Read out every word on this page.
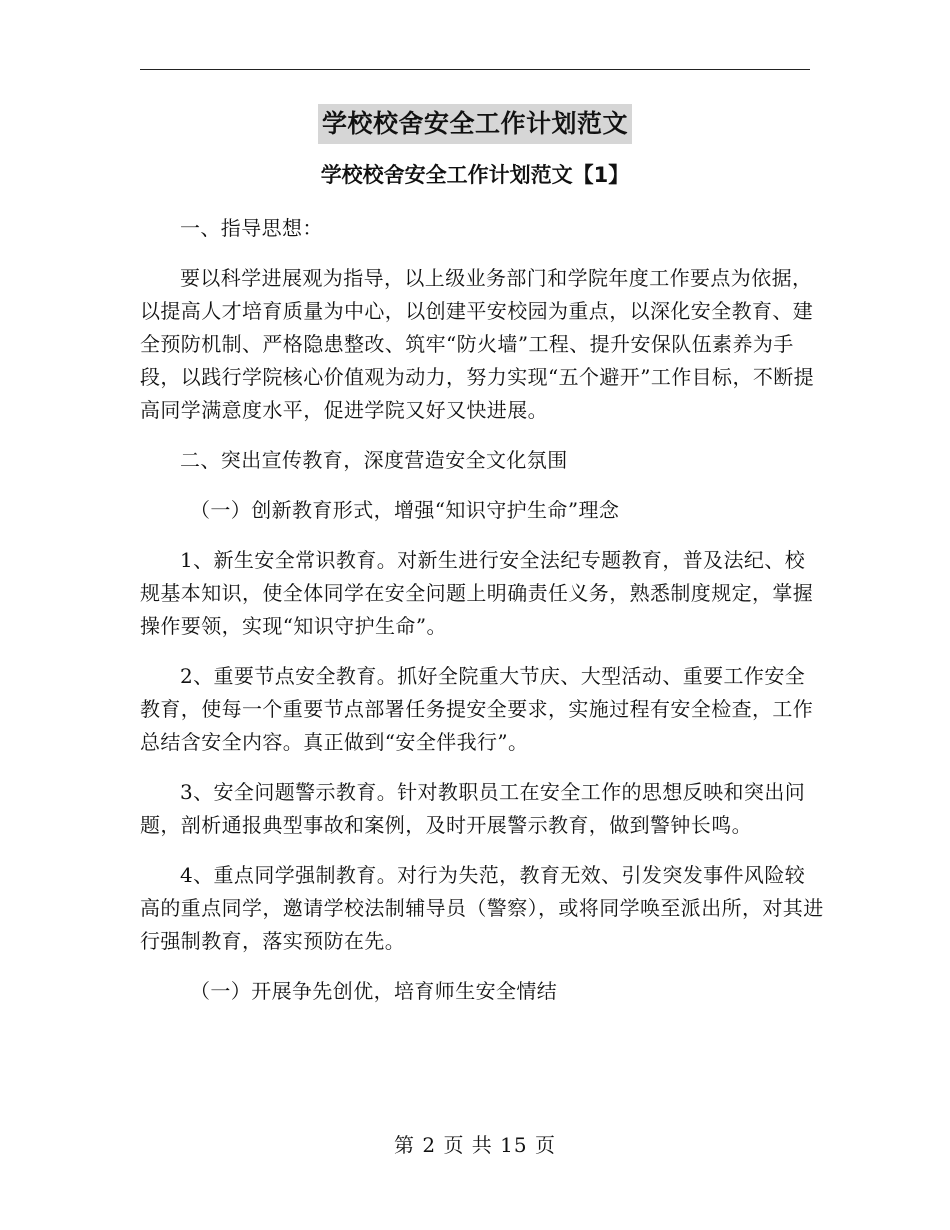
学校校舍安全工作计划范文
学校校舍安全工作计划范文【1】

一、指导思想：

要以科学进展观为指导，以上级业务部门和学院年度工作要点为依据，以提高人才培育质量为中心，以创建平安校园为重点，以深化安全教育、建全预防机制、严格隐患整改、筑牢“防火墙”工程、提升安保队伍素养为手段，以践行学院核心价值观为动力，努力实现“五个避开”工作目标，不断提高同学满意度水平，促进学院又好又快进展。

二、突出宣传教育，深度营造安全文化氛围

（一）创新教育形式，增强“知识守护生命”理念

1、新生安全常识教育。对新生进行安全法纪专题教育，普及法纪、校规基本知识，使全体同学在安全问题上明确责任义务，熟悉制度规定，掌握操作要领，实现“知识守护生命”。

2、重要节点安全教育。抓好全院重大节庆、大型活动、重要工作安全教育，使每一个重要节点部署任务提安全要求，实施过程有安全检查，工作总结含安全内容。真正做到“安全伴我行”。

3、安全问题警示教育。针对教职员工在安全工作的思想反映和突出问题，剖析通报典型事故和案例，及时开展警示教育，做到警钟长鸣。

4、重点同学强制教育。对行为失范，教育无效、引发突发事件风险较高的重点同学，邀请学校法制辅导员（警察），或将同学唤至派出所，对其进行强制教育，落实预防在先。

（一）开展争先创优，培育师生安全情结

第 2 页 共 15 页
